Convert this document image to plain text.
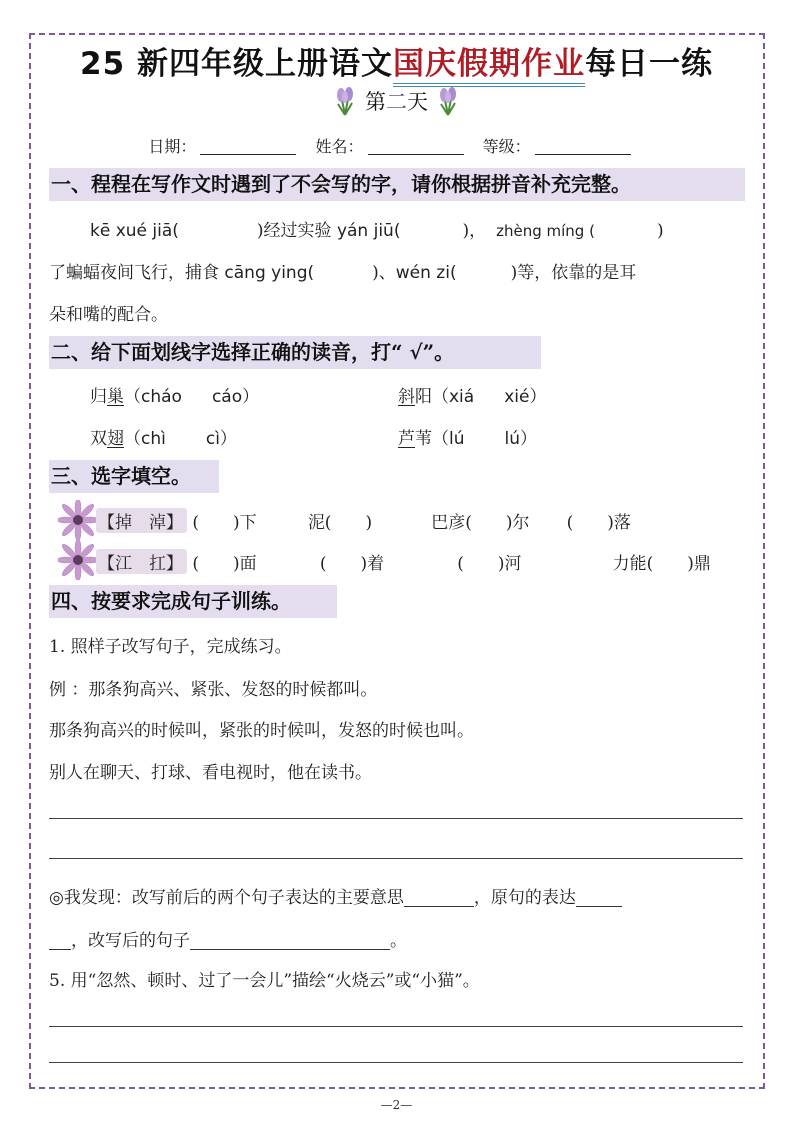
25 新四年级上册语文国庆假期作业每日一练
第二天
日期：	姓名：	等级：
一、程程在写作文时遇到了不会写的字，请你根据拼音补充完整。
kē xué jiā(	)经过实验 yán jiū(	)， zhèng míng (	)
了蝙蝠夜间飞行，捕食 cāng ying(	)、wén zi(	)等，依靠的是耳
朵和嘴的配合。
二、给下面划线字选择正确的读音，打“ √”。
归巢（cháo cáo）	斜阳（xiá xié）
双翅（chì cì）	芦苇（lú lú）
三、选字填空。
【掉　淖】 (　　)下	泥(　　)	巴彦(　　)尔 (　　)落
【江　扛】 (　　)面	(　　)着	(　　)河	力能(　　)鼎
四、按要求完成句子训练。
1. 照样子改写句子，完成练习。
例 ：那条狗高兴、紧张、发怒的时候都叫。
那条狗高兴的时候叫，紧张的时候叫，发怒的时候也叫。
别人在聊天、打球、看电视时，他在读书。
◎我发现：改写前后的两个句子表达的主要意思	，原句的表达
，改写后的句子	。
5. 用“忽然、顿时、过了一会儿”描绘“火烧云”或“小猫”。
—2—
